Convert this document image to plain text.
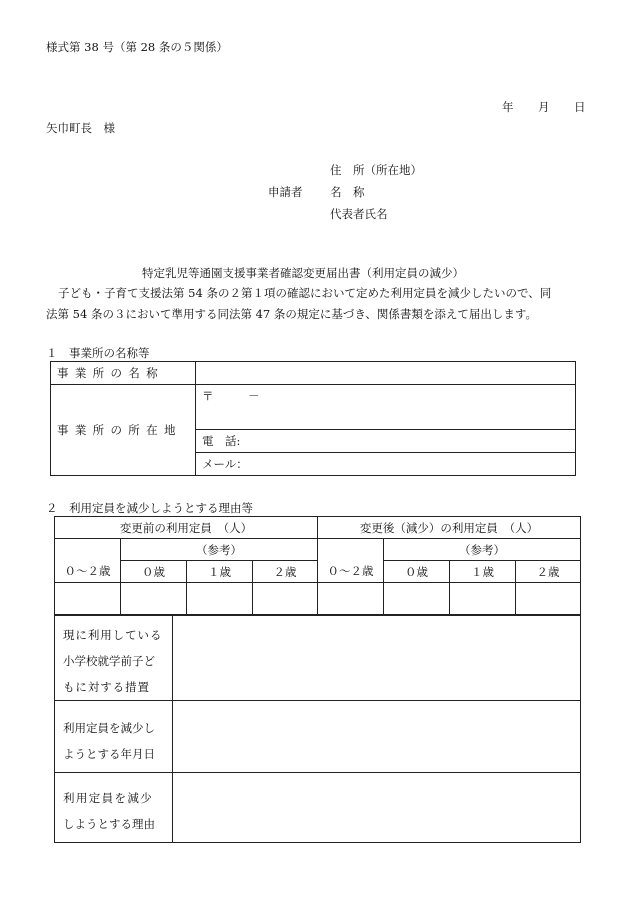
様式第 38 号（第 28 条の５関係）
年 月 日
矢巾町長　様
申請者
住　所（所在地）
名　称
代表者氏名
特定乳児等通園支援事業者確認変更届出書（利用定員の減少）
子ども・子育て支援法第 54 条の２第１項の確認において定めた利用定員を減少したいので、同
法第 54 条の３において準用する同法第 47 条の規定に基づき、関係書類を添えて届出します。
１　事業所の名称等
事業所の名称	
事業所の所在地	〒　　　－
	電　話:
	メール：
２　利用定員を減少しようとする理由等
変更前の利用定員　（人）				変更後（減少）の利用定員　（人）			
	（参考）				（参考）		
０～２歳	０歳	１歳	２歳	０～２歳	０歳	１歳	２歳

現に利用している
小学校就学前子ど
もに対する措置	

利用定員を減少し
ようとする年月日	

利用定員を減少
しようとする理由	
